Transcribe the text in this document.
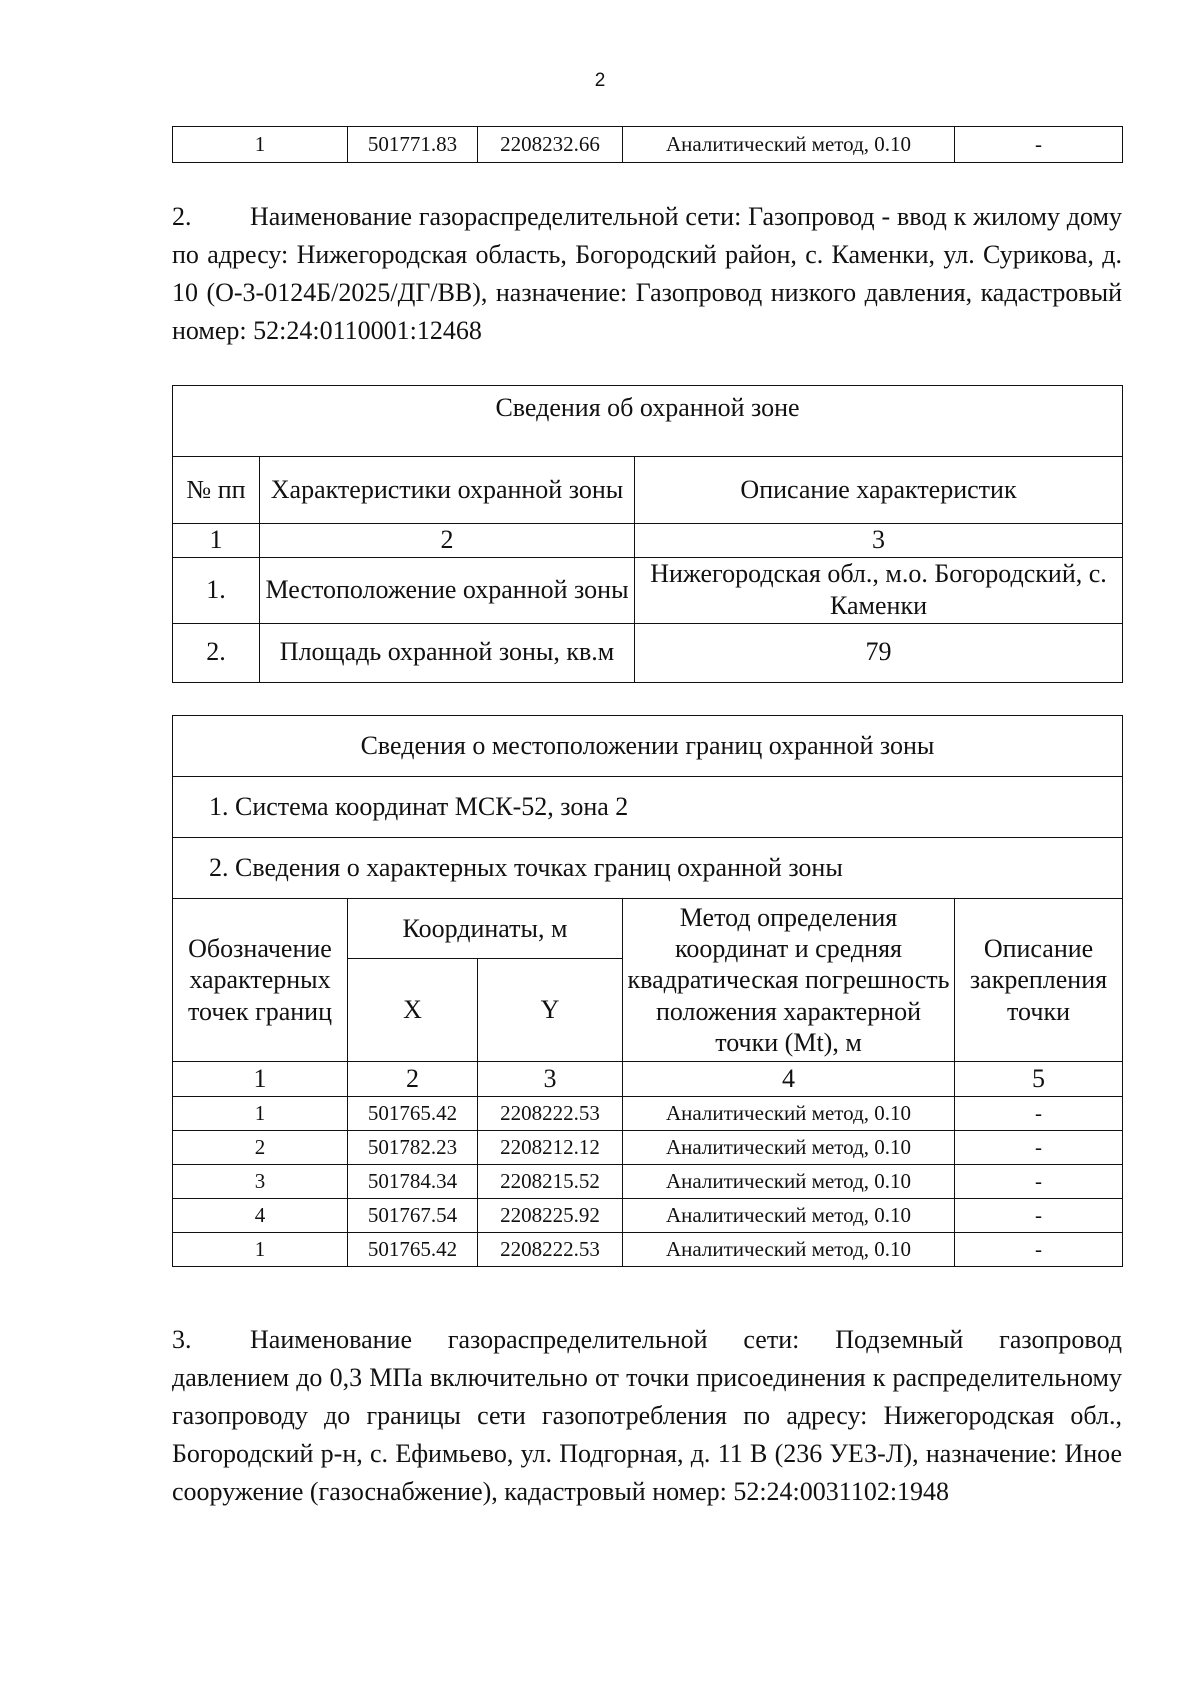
2
1	501771.83	2208232.66	Аналитический метод, 0.10	-

2. Наименование газораспределительной сети: Газопровод - ввод к жилому дому по адресу: Нижегородская область, Богородский район, с. Каменки, ул. Сурикова, д. 10 (О-3-0124Б/2025/ДГ/ВВ), назначение: Газопровод низкого давления, кадастровый номер: 52:24:0110001:12468

Сведения об охранной зоне		
№ пп	Характеристики охранной зоны	Описание характеристик
1	2	3
1.	Местоположение охранной зоны	Нижегородская обл., м.о. Богородский, с. Каменки
2.	Площадь охранной зоны, кв.м	79
Сведения о местоположении границ охранной зоны				
1. Система координат МСК-52, зона 2				
2. Сведения о характерных точках границ охранной зоны				
Обозначение характерных точек границ	Координаты, м		Метод определения координат и средняя квадратическая погрешность положения характерной точки (Mt), м	Описание закрепления точки
	X	Y		
1	2	3	4	5
1	501765.42	2208222.53	Аналитический метод, 0.10	-
2	501782.23	2208212.12	Аналитический метод, 0.10	-
3	501784.34	2208215.52	Аналитический метод, 0.10	-
4	501767.54	2208225.92	Аналитический метод, 0.10	-
1	501765.42	2208222.53	Аналитический метод, 0.10	-

3. Наименование газораспределительной сети: Подземный газопровод давлением до 0,3 МПа включительно от точки присоединения к распределительному газопроводу до границы сети газопотребления по адресу: Нижегородская обл., Богородский р-н, с. Ефимьево, ул. Подгорная, д. 11 В (236 УЕЗ-Л), назначение: Иное сооружение (газоснабжение), кадастровый номер: 52:24:0031102:1948
